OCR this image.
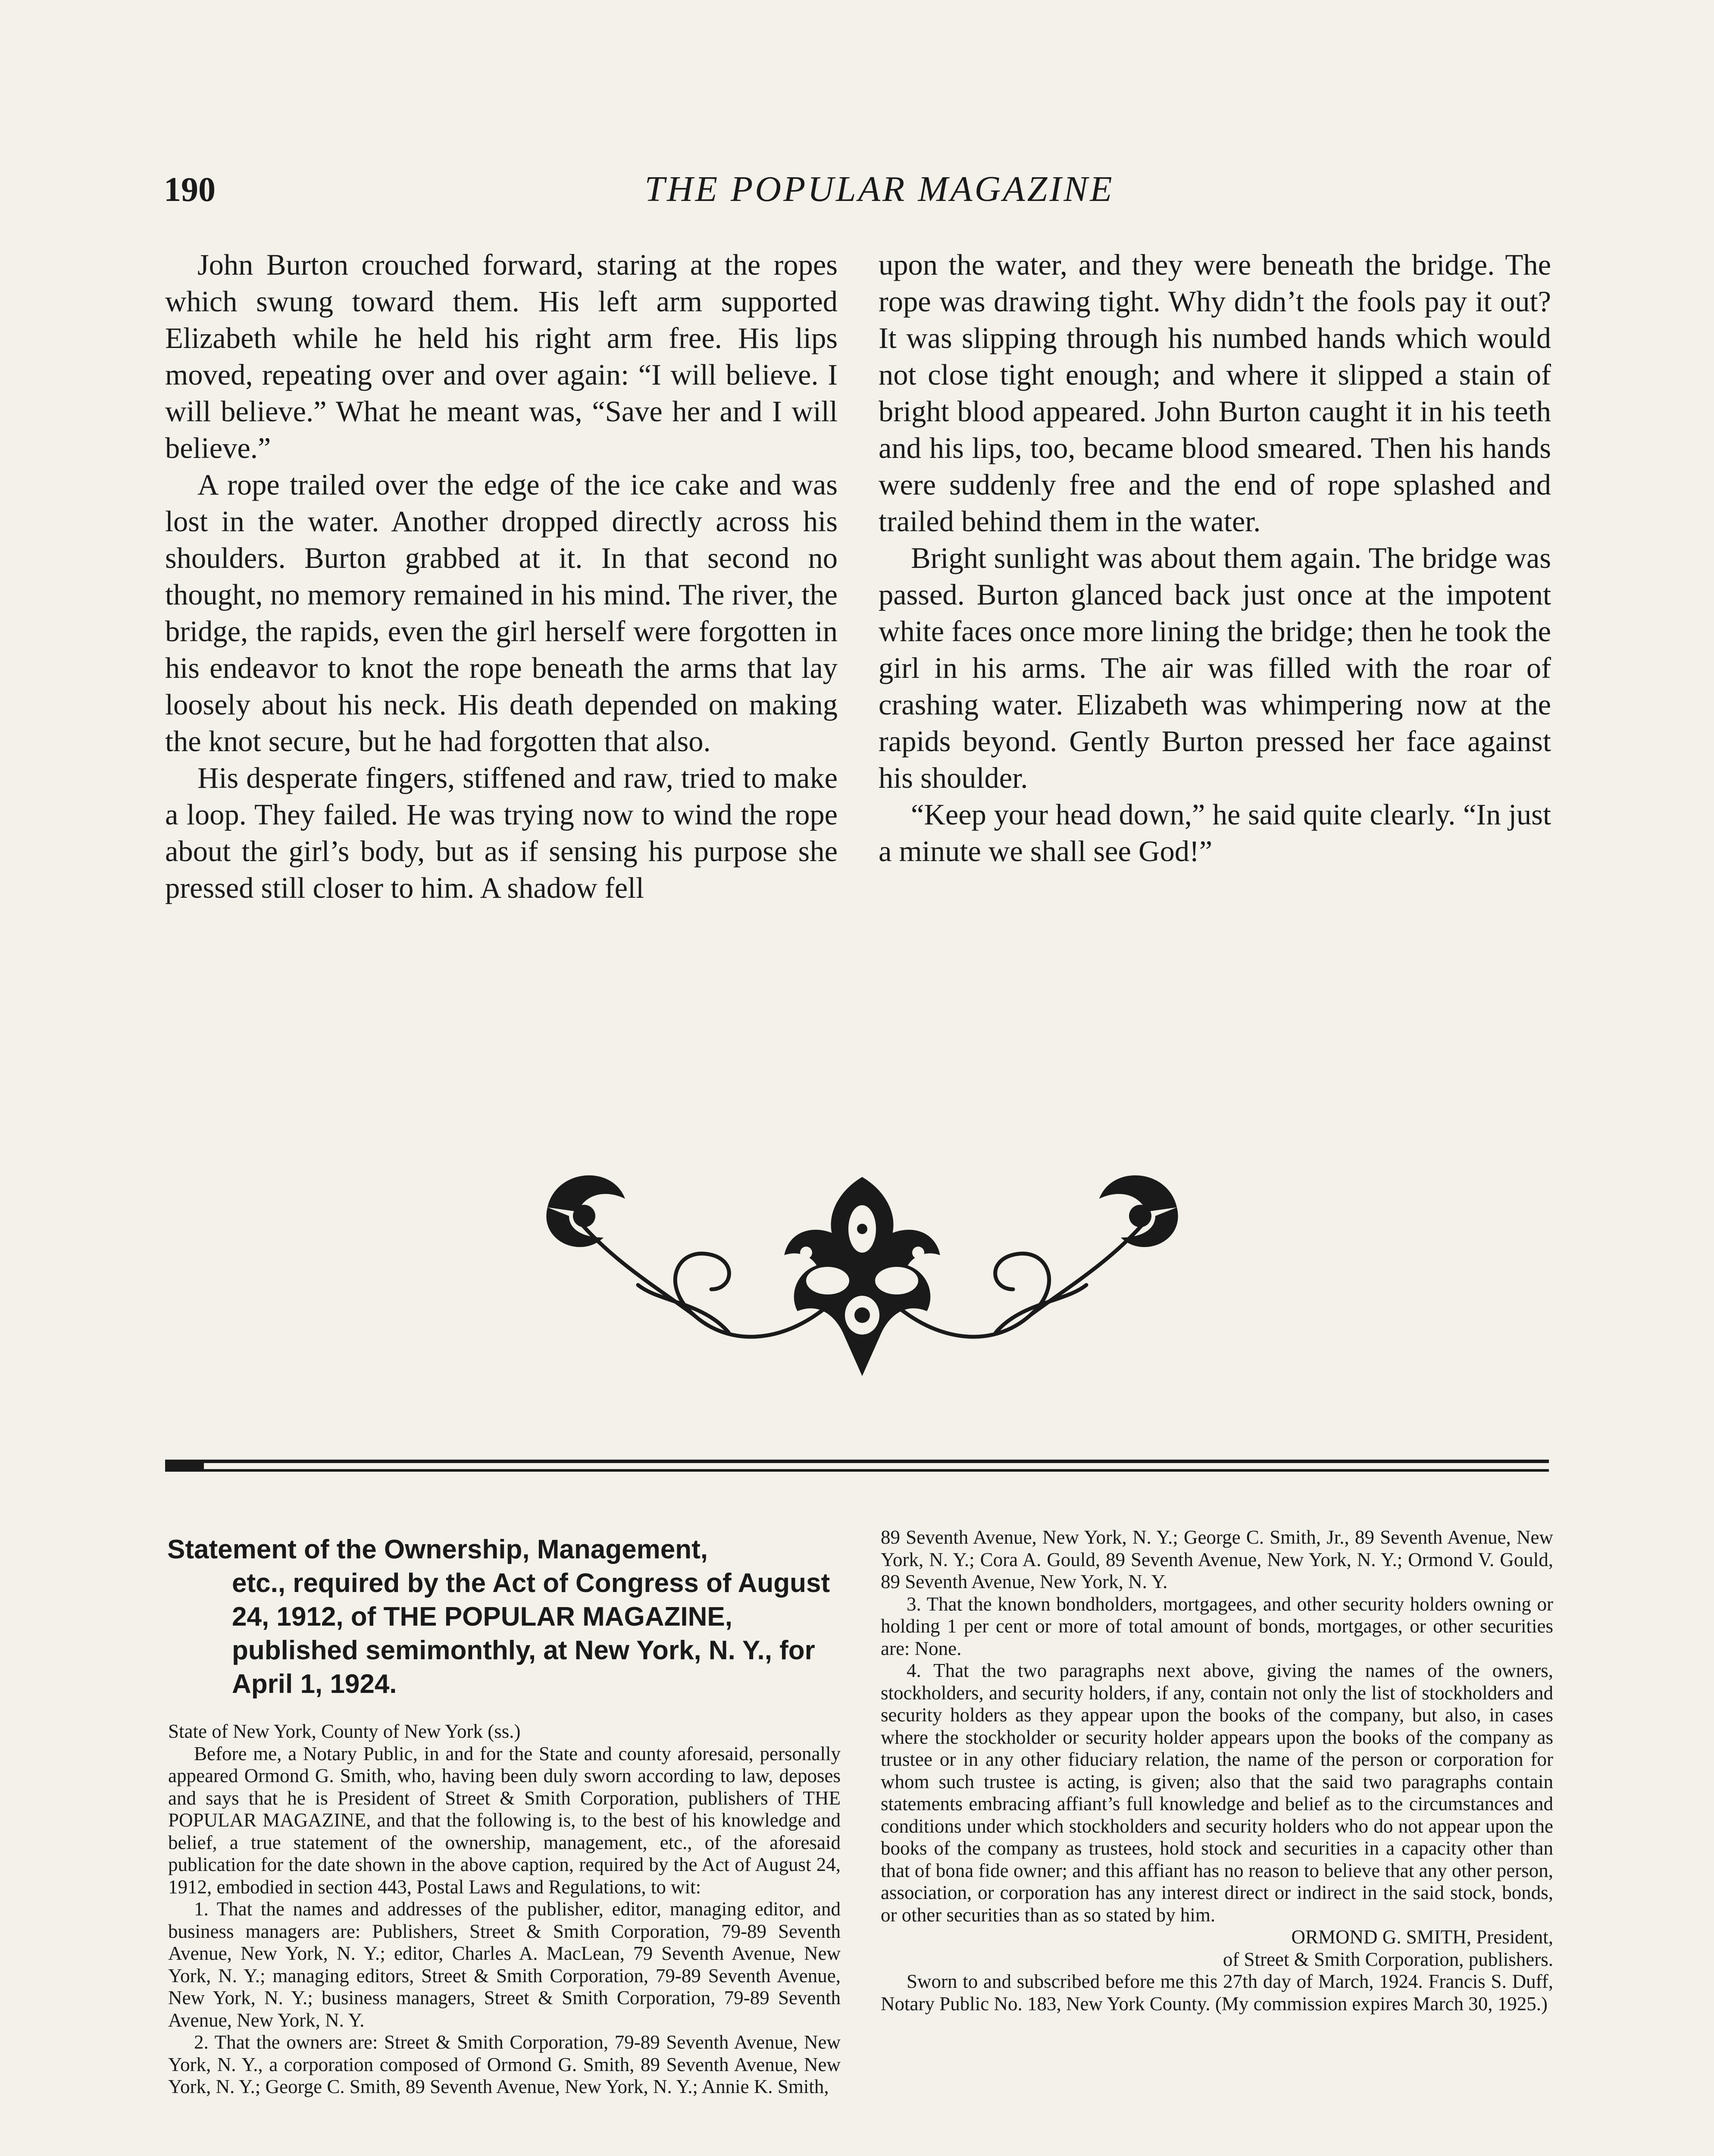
190	THE POPULAR MAGAZINE

John Burton crouched forward, staring at the ropes which swung toward them. His left arm supported Elizabeth while he held his right arm free. His lips moved, repeating over and over again: “I will believe. I will believe.” What he meant was, “Save her and I will believe.”

A rope trailed over the edge of the ice cake and was lost in the water. Another dropped directly across his shoulders. Burton grabbed at it. In that second no thought, no memory remained in his mind. The river, the bridge, the rapids, even the girl herself were forgotten in his endeavor to knot the rope beneath the arms that lay loosely about his neck. His death depended on making the knot secure, but he had forgotten that also.

His desperate fingers, stiffened and raw, tried to make a loop. They failed. He was trying now to wind the rope about the girl’s body, but as if sensing his purpose she pressed still closer to him. A shadow fell

upon the water, and they were beneath the bridge. The rope was drawing tight. Why didn’t the fools pay it out? It was slipping through his numbed hands which would not close tight enough; and where it slipped a stain of bright blood appeared. John Burton caught it in his teeth and his lips, too, became blood smeared. Then his hands were suddenly free and the end of rope splashed and trailed behind them in the water.

Bright sunlight was about them again. The bridge was passed. Burton glanced back just once at the impotent white faces once more lining the bridge; then he took the girl in his arms. The air was filled with the roar of crashing water. Elizabeth was whimpering now at the rapids beyond. Gently Burton pressed her face against his shoulder.

“Keep your head down,” he said quite clearly. “In just a minute we shall see God!”

Statement of the Ownership, Management,
etc., required by the Act of Congress of August 24, 1912, of THE POPULAR MAGAZINE, published semimonthly, at New York, N. Y., for April 1, 1924.

State of New York, County of New York (ss.)

Before me, a Notary Public, in and for the State and county aforesaid, personally appeared Ormond G. Smith, who, having been duly sworn according to law, deposes and says that he is President of Street & Smith Corporation, publishers of THE POPULAR MAGAZINE, and that the following is, to the best of his knowledge and belief, a true statement of the ownership, management, etc., of the aforesaid publication for the date shown in the above caption, required by the Act of August 24, 1912, embodied in section 443, Postal Laws and Regulations, to wit:

1. That the names and addresses of the publisher, editor, managing editor, and business managers are: Publishers, Street & Smith Corporation, 79-89 Seventh Avenue, New York, N. Y.; editor, Charles A. MacLean, 79 Seventh Avenue, New York, N. Y.; managing editors, Street & Smith Corporation, 79-89 Seventh Avenue, New York, N. Y.; business managers, Street & Smith Corporation, 79-89 Seventh Avenue, New York, N. Y.

2. That the owners are: Street & Smith Corporation, 79-89 Seventh Avenue, New York, N. Y., a corporation composed of Ormond G. Smith, 89 Seventh Avenue, New York, N. Y.; George C. Smith, 89 Seventh Avenue, New York, N. Y.; Annie K. Smith,

89 Seventh Avenue, New York, N. Y.; George C. Smith, Jr., 89 Seventh Avenue, New York, N. Y.; Cora A. Gould, 89 Seventh Avenue, New York, N. Y.; Ormond V. Gould, 89 Seventh Avenue, New York, N. Y.

3. That the known bondholders, mortgagees, and other security holders owning or holding 1 per cent or more of total amount of bonds, mortgages, or other securities are: None.

4. That the two paragraphs next above, giving the names of the owners, stockholders, and security holders, if any, contain not only the list of stockholders and security holders as they appear upon the books of the company, but also, in cases where the stockholder or security holder appears upon the books of the company as trustee or in any other fiduciary relation, the name of the person or corporation for whom such trustee is acting, is given; also that the said two paragraphs contain statements embracing affiant’s full knowledge and belief as to the circumstances and conditions under which stockholders and security holders who do not appear upon the books of the company as trustees, hold stock and securities in a capacity other than that of bona fide owner; and this affiant has no reason to believe that any other person, association, or corporation has any interest direct or indirect in the said stock, bonds, or other securities than as so stated by him.

ORMOND G. SMITH, President,
of Street & Smith Corporation, publishers.

Sworn to and subscribed before me this 27th day of March, 1924. Francis S. Duff, Notary Public No. 183, New York County. (My commission expires March 30, 1925.)
